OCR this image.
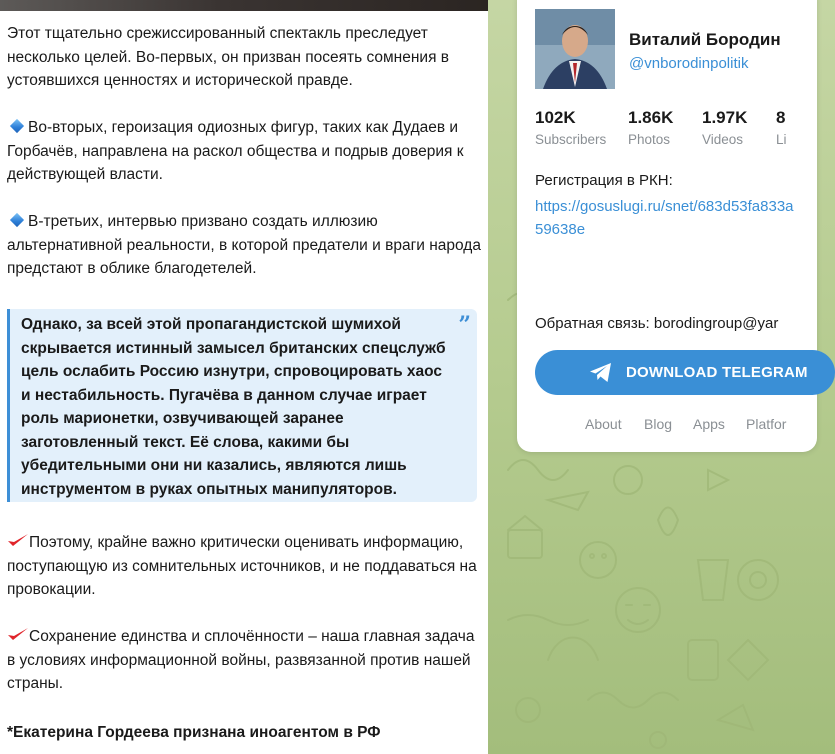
Этот тщательно срежиссированный спектакль преследует несколько целей. Во-первых, он призван посеять сомнения в устоявшихся ценностях и исторической правде.

Во-вторых, героизация одиозных фигур, таких как Дудаев и Горбачёв, направлена на раскол общества и подрыв доверия к действующей власти.

В-третьих, интервью призвано создать иллюзию альтернативной реальности, в которой предатели и враги народа предстают в облике благодетелей.

Однако, за всей этой пропагандистской шумихой скрывается истинный замысел британских спецслужб цель ослабить Россию изнутри, спровоцировать хаос и нестабильность. Пугачёва в данном случае играет роль марионетки, озвучивающей заранее заготовленный текст. Её слова, какими бы убедительными они ни казались, являются лишь инструментом в руках опытных манипуляторов.

”

Поэтому, крайне важно критически оценивать информацию, поступающую из сомнительных источников, и не поддаваться на провокации.

Сохранение единства и сплочённости – наша главная задача в условиях информационной войны, развязанной против нашей страны.

*Екатерина Гордеева признана иноагентом в РФ

Виталий Бородин
@vnborodinpolitik
102K
Subscribers
1.86K
Photos
1.97K
Videos
8
Li
Регистрация в РКН:
https://gosuslugi.ru/snet/683d53fa833a59638e
Обратная связь: borodingroup@yar
DOWNLOAD TELEGRAM
About Blog Apps Platfor
